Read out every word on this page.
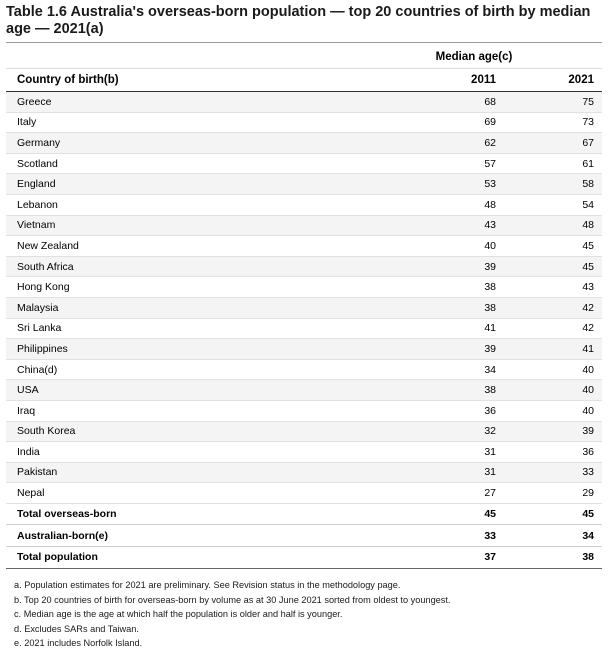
Table 1.6 Australia's overseas-born population — top 20 countries of birth by median age — 2021(a)
	Median age(c)	
Country of birth(b)	2011	2021
Greece	68	75
Italy	69	73
Germany	62	67
Scotland	57	61
England	53	58
Lebanon	48	54
Vietnam	43	48
New Zealand	40	45
South Africa	39	45
Hong Kong	38	43
Malaysia	38	42
Sri Lanka	41	42
Philippines	39	41
China(d)	34	40
USA	38	40
Iraq	36	40
South Korea	32	39
India	31	36
Pakistan	31	33
Nepal	27	29
Total overseas-born	45	45
Australian-born(e)	33	34
Total population	37	38
a. Population estimates for 2021 are preliminary. See Revision status in the methodology page.
b. Top 20 countries of birth for overseas-born by volume as at 30 June 2021 sorted from oldest to youngest.
c. Median age is the age at which half the population is older and half is younger.
d. Excludes SARs and Taiwan.
e. 2021 includes Norfolk Island.
